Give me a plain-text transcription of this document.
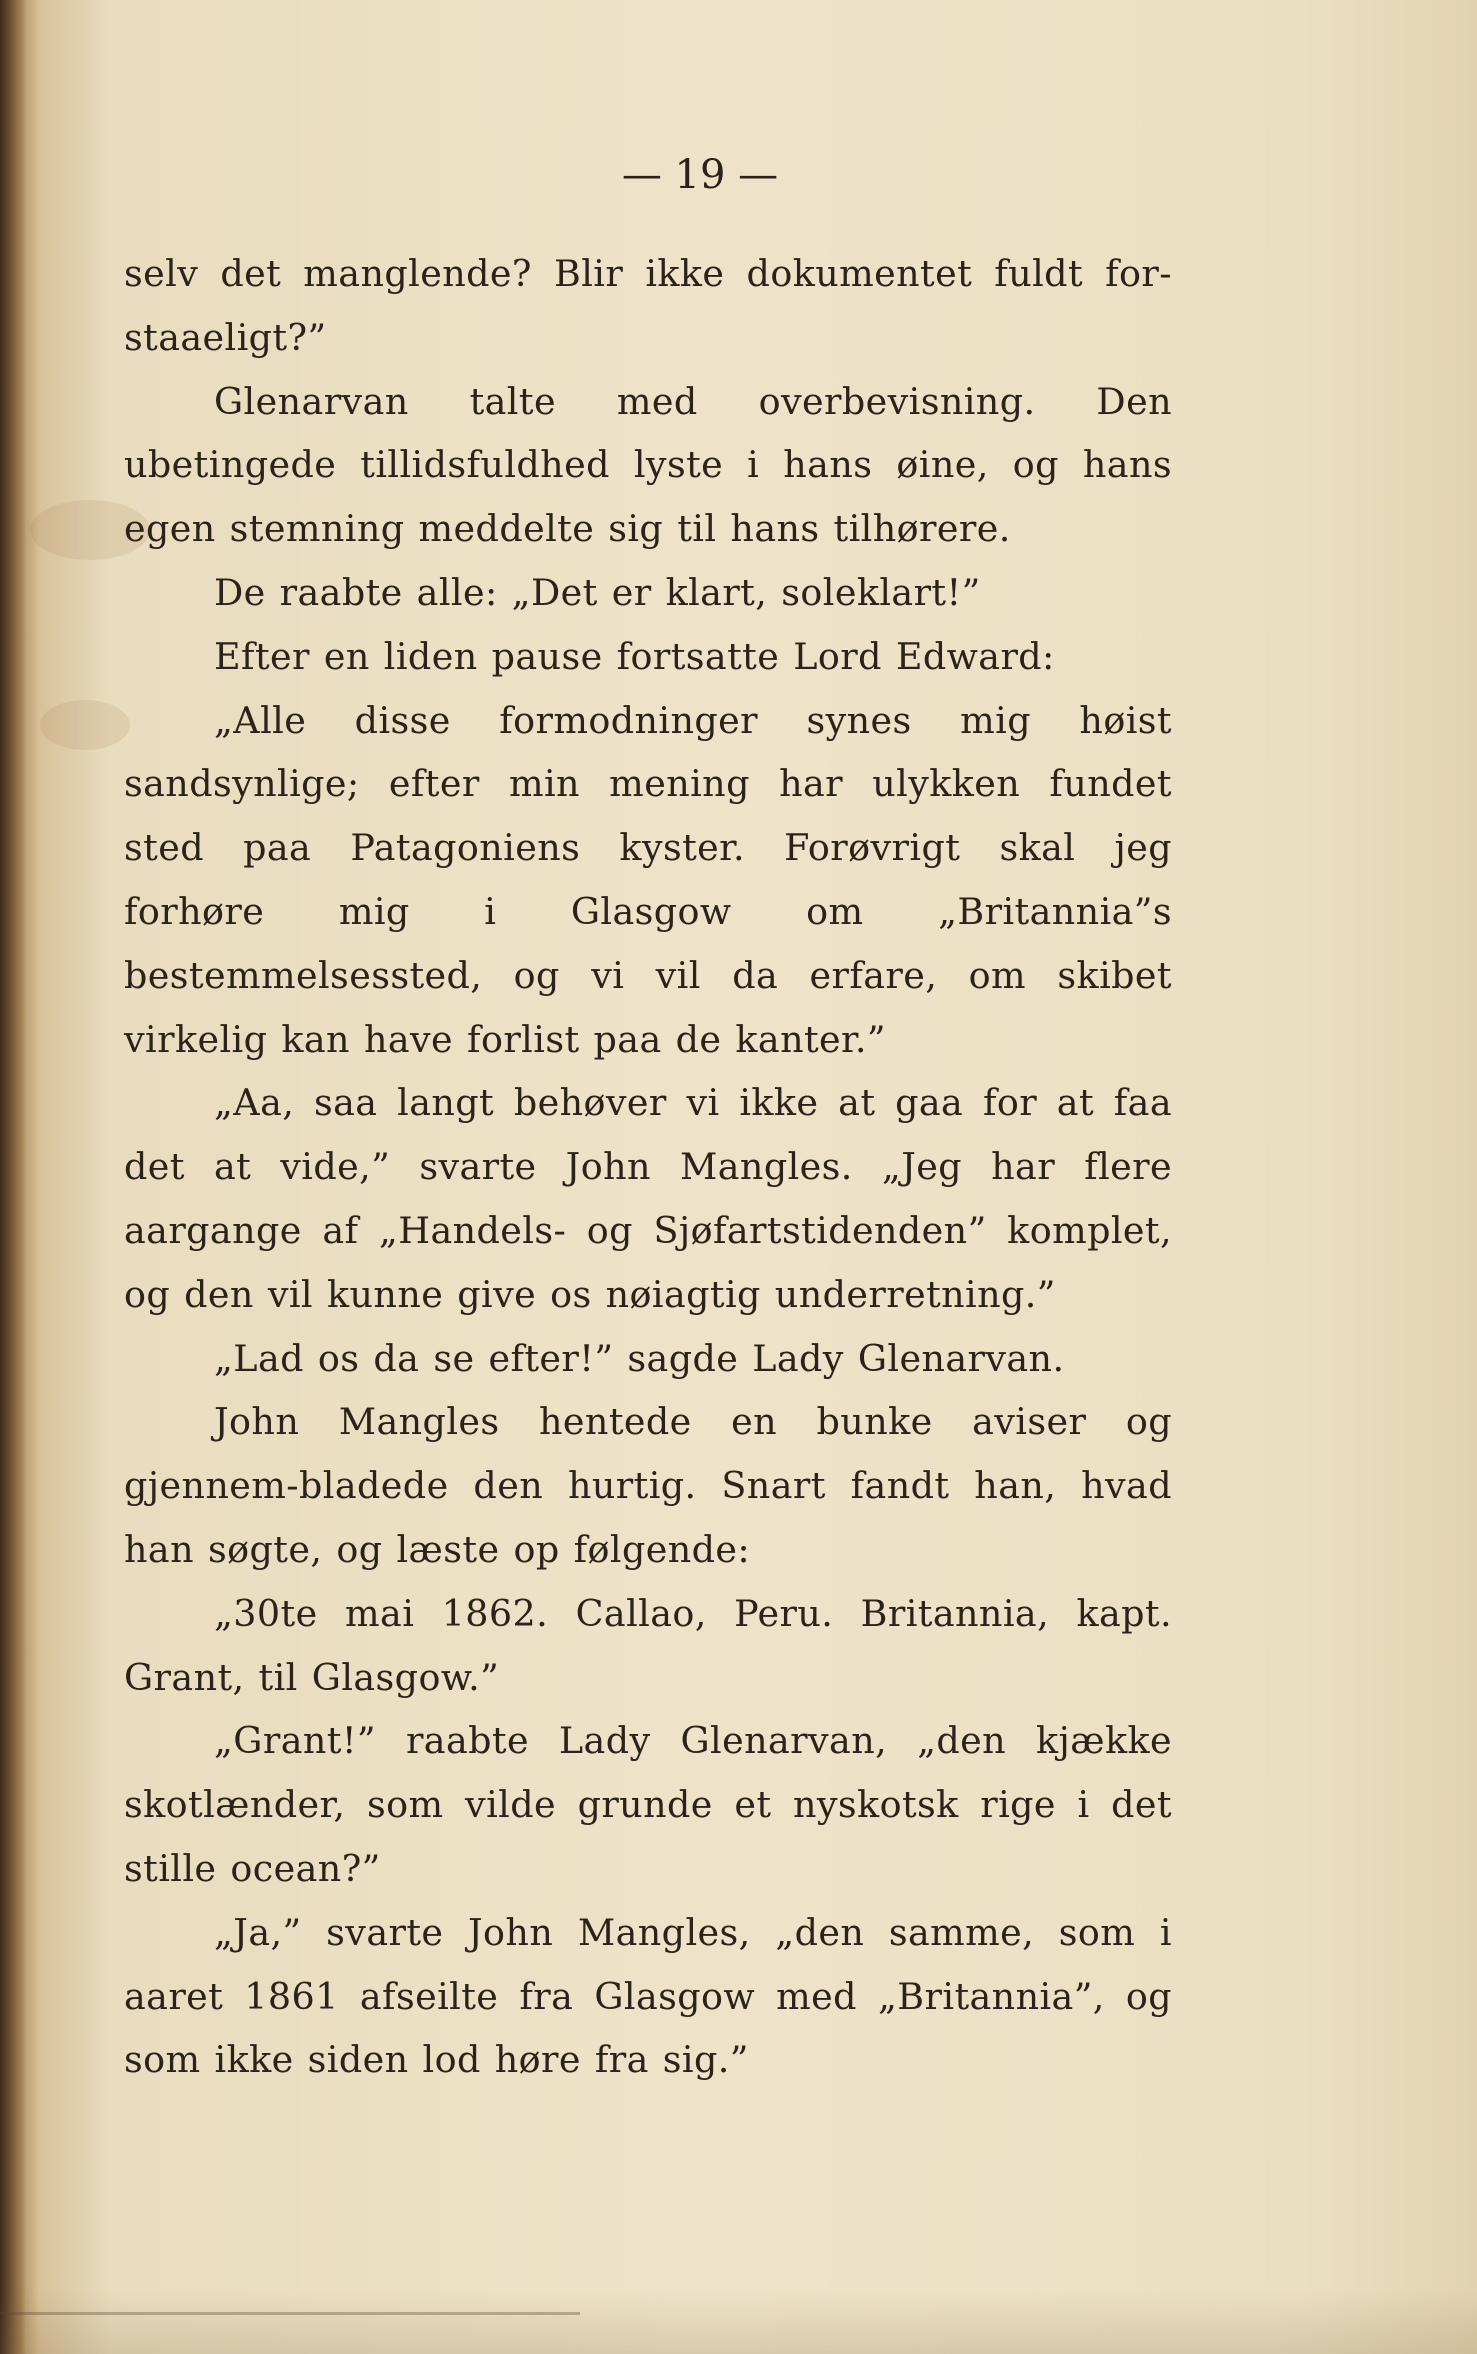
— 19 —

selv det manglende? Blir ikke dokumentet fuldt for-staaeligt?”

Glenarvan talte med overbevisning. Den ubetingede tillidsfuldhed lyste i hans øine, og hans egen stemning meddelte sig til hans tilhørere.

De raabte alle: „Det er klart, soleklart!”

Efter en liden pause fortsatte Lord Edward:

„Alle disse formodninger synes mig høist sandsynlige; efter min mening har ulykken fundet sted paa Patagoniens kyster. Forøvrigt skal jeg forhøre mig i Glasgow om „Britannia”s bestemmelsessted, og vi vil da erfare, om skibet virkelig kan have forlist paa de kanter.”

„Aa, saa langt behøver vi ikke at gaa for at faa det at vide,” svarte John Mangles. „Jeg har flere aargange af „Handels- og Sjøfartstidenden” komplet, og den vil kunne give os nøiagtig underretning.”

„Lad os da se efter!” sagde Lady Glenarvan.

John Mangles hentede en bunke aviser og gjennem-bladede den hurtig. Snart fandt han, hvad han søgte, og læste op følgende:

„30te mai 1862. Callao, Peru. Britannia, kapt. Grant, til Glasgow.”

„Grant!” raabte Lady Glenarvan, „den kjække skotlænder, som vilde grunde et nyskotsk rige i det stille ocean?”

„Ja,” svarte John Mangles, „den samme, som i aaret 1861 afseilte fra Glasgow med „Britannia”, og som ikke siden lod høre fra sig.”
